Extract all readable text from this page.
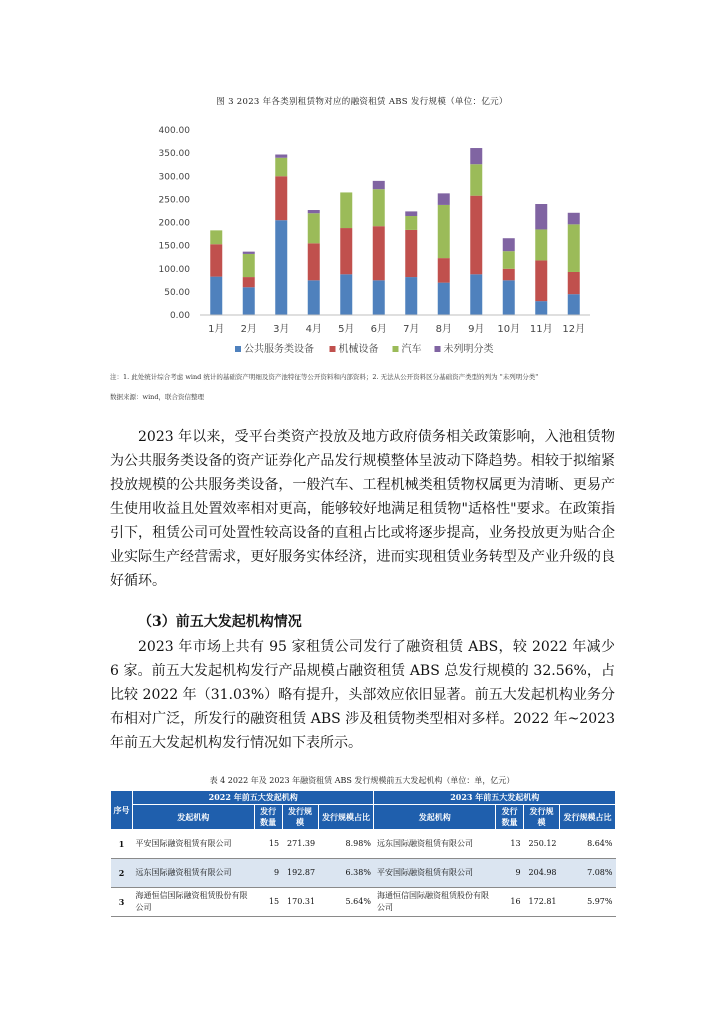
图 3 2023 年各类别租赁物对应的融资租赁 ABS 发行规模（单位：亿元）
0.00
50.00
100.00
150.00
200.00
250.00
300.00
350.00
400.00
1月 2月 3月 4月 5月 6月 7月 8月 9月 10月 11月 12月
公共服务类设备 机械设备 汽车 未列明分类
注：1. 此处统计综合考虑 wind 统计的基础资产明细及资产池特征等公开资料和内部资料；2. 无法从公开资料区分基础资产类型的列为 "未列明分类"
数据来源：wind，联合资信整理
2023 年以来，受平台类资产投放及地方政府债务相关政策影响，入池租赁物为公共服务类设备的资产证券化产品发行规模整体呈波动下降趋势。相较于拟缩紧投放规模的公共服务类设备，一般汽车、工程机械类租赁物权属更为清晰、更易产生使用收益且处置效率相对更高，能够较好地满足租赁物"适格性"要求。在政策指引下，租赁公司可处置性较高设备的直租占比或将逐步提高，业务投放更为贴合企业实际生产经营需求，更好服务实体经济，进而实现租赁业务转型及产业升级的良好循环。
（3）前五大发起机构情况
2023 年市场上共有 95 家租赁公司发行了融资租赁 ABS，较 2022 年减少 6 家。前五大发起机构发行产品规模占融资租赁 ABS 总发行规模的 32.56%，占比较 2022 年（31.03%）略有提升，头部效应依旧显著。前五大发起机构业务分布相对广泛，所发行的融资租赁 ABS 涉及租赁物类型相对多样。2022 年~2023 年前五大发起机构发行情况如下表所示。
表 4 2022 年及 2023 年融资租赁 ABS 发行规模前五大发起机构（单位：单，亿元）
序号	2022 年前五大发起机构				2023 年前五大发起机构			
	发起机构	发行数量	发行规模	发行规模占比	发起机构	发行数量	发行规模	发行规模占比
1	平安国际融资租赁有限公司	15	271.39	8.98%	远东国际融资租赁有限公司	13	250.12	8.64%
2	远东国际融资租赁有限公司	9	192.87	6.38%	平安国际融资租赁有限公司	9	204.98	7.08%
3	海通恒信国际融资租赁股份有限公司	15	170.31	5.64%	海通恒信国际融资租赁股份有限公司	16	172.81	5.97%
